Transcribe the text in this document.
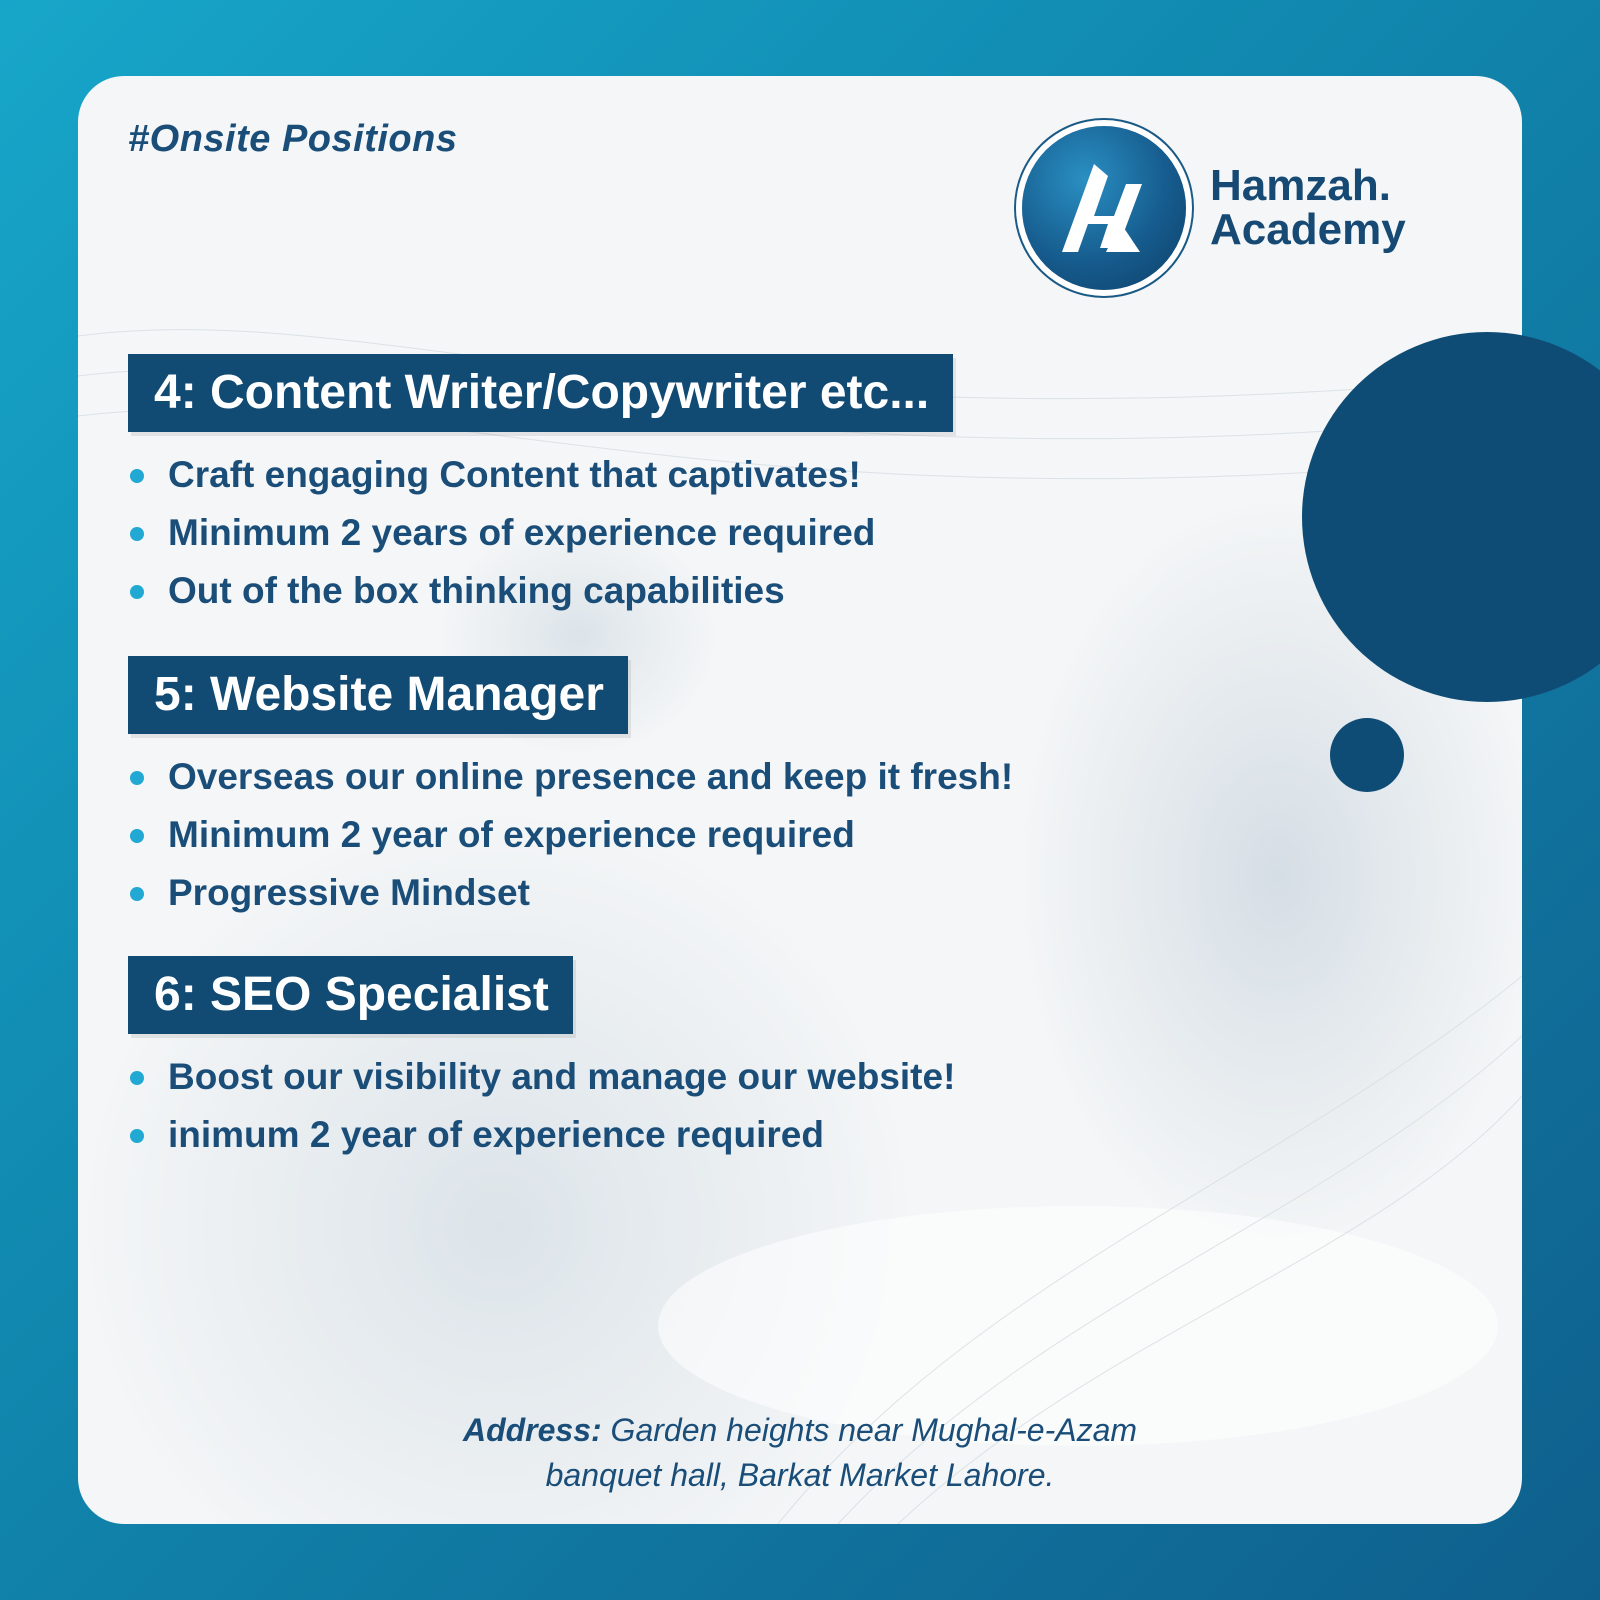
#Onsite Positions
Hamzah.
Academy
4: Content Writer/Copywriter etc...
Craft engaging Content that captivates!
Minimum 2 years of experience required
Out of the box thinking capabilities
5: Website Manager
Overseas our online presence and keep it fresh!
Minimum 2 year of experience required
Progressive Mindset
6: SEO Specialist
Boost our visibility and manage our website!
inimum 2 year of experience required
Address: Garden heights near Mughal-e-Azam
banquet hall, Barkat Market Lahore.
